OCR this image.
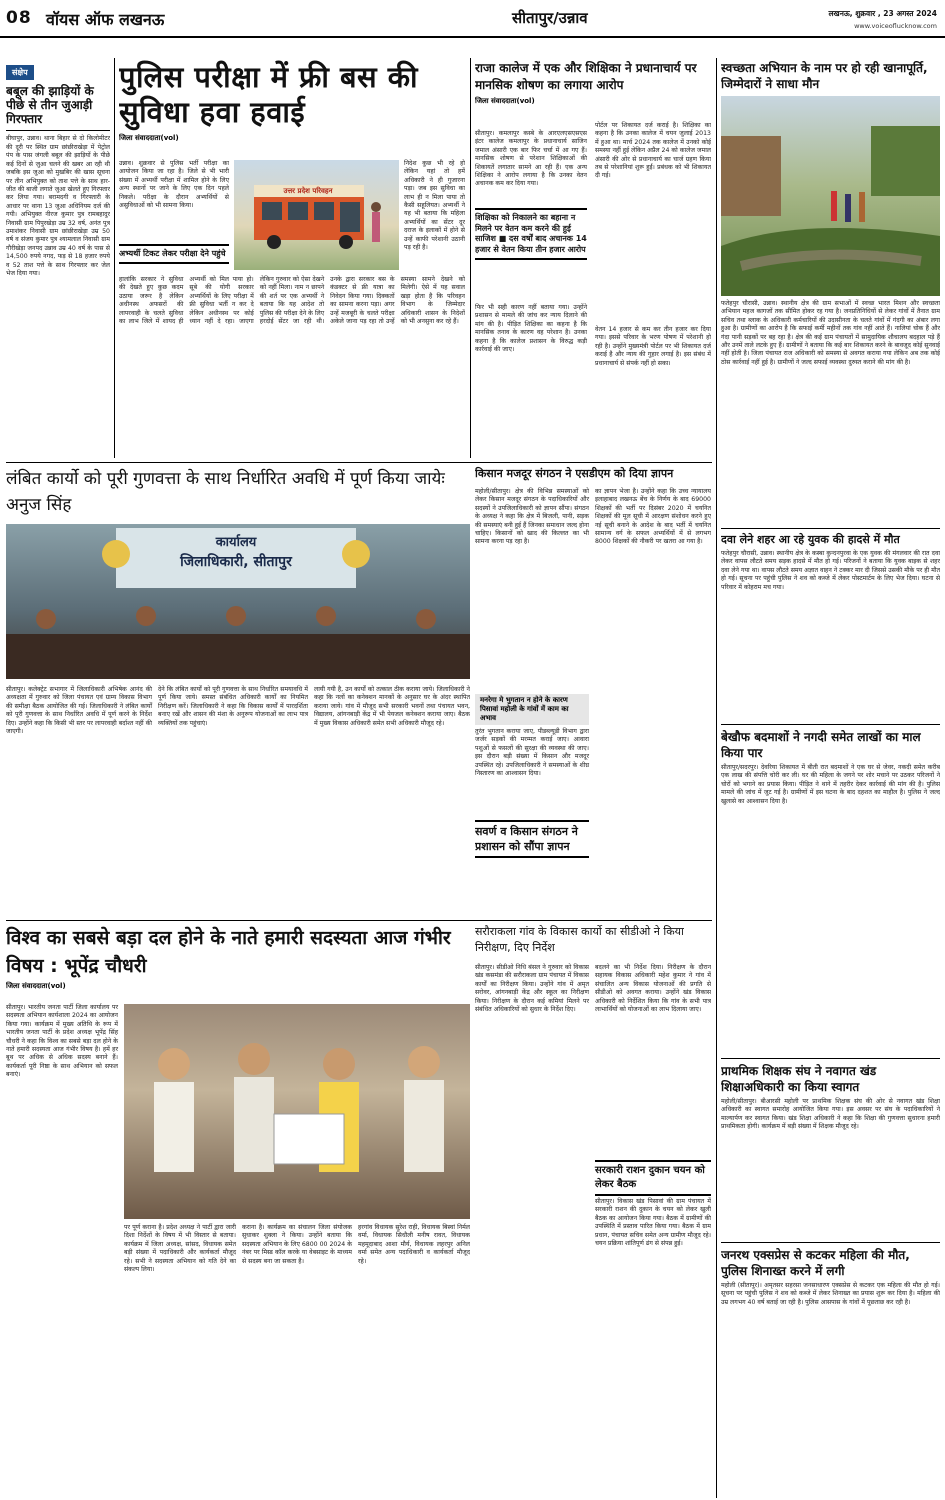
08 वॉयस ऑफ लखनऊ	सीतापुर/उन्नाव	लखनऊ, शुक्रवार , 23 अगस्त 2024
www.voiceoflucknow.com
संक्षेप
बबूल की झाड़ियों के पीछे से तीन जुआड़ी गिरफ्तार
बीघापुर, उन्नाव। थाना बिहार से दो किलोमीटर की दूरी पर स्थित ग्राम छांछीराखेड़ा में पेट्रोल पंप के पास जंगली बबूल की झाड़ियों के पीछे कई दिनों से जुआ चलने की खबर आ रही थी जबकि इस जुआ को मुखबिर की खास सूचना पर तीन अभियुक्त को ताश पत्ते के साथ हार-जीत की बाजी लगाते जुआ खेलते हुए गिरफ्तार कर लिया गया। बरामदगी व गिरफ्तारी के आधार पर थाना 13 जुआ अधिनियम दर्ज की गयी। अभियुक्त नीरज कुमार पुत्र रामबहादुर निवासी ग्राम पिपुरखेड़ा उम्र 32 वर्ष, अनंत पुत्र उमाशंकर निवासी ग्राम छांछीराखेड़ा उम्र 50 वर्ष व संजय कुमार पुत्र श्यामलाल निवासी ग्राम गौरीखेड़ा जनपद उन्नाव उम्र 40 वर्ष के पास से 14,500 रुपये नगद, फड़ से 18 हजार रुपये व 52 ताश पत्ते के साथ गिरफ्तार कर जेल भेज दिया गया।
पुलिस परीक्षा में फ्री बस की सुविधा हवा हवाई
जिला संवाददाता(vol)
उन्नाव। शुक्रवार से पुलिस भर्ती परीक्षा का आयोजन किया जा रहा है। जिले से भी भारी संख्या में अभ्यर्थी परीक्षा में शामिल होने के लिए अन्य स्थानों पर जाने के लिए एक दिन पहले निकले। परीक्षा के दौरान अभ्यर्थियों से असुविधाओं को भी सामना किया।
अभ्यर्थी टिकट लेकर परीक्षा देने पहुंचे
उत्तर प्रदेश परिवहन
निदेश कुछ भी रहे हो लेकिन यहां तो हमें अधिकारी ने ही गुजारना पड़ा। जब इस सुविधा का लाभ ही न मिला पाया तो कैसी सहूलियत। अभ्यर्थी ने यह भी बताया कि महिला अभ्यर्थियों का सेंटर दूर दराज के इलाकों में होने से उन्हें काफी परेशानी उठानी पड़ रही है।
हालांकि सरकार ने सुविधा की देखते हुए कुछ कदम उठाया जरूर है लेकिन अधीनस्थ अफसरों की लापरवाही के चलते सुविधा का लाभ जिले में शायद ही अभ्यर्थी को मिल पाया हो। सूबे की योगी सरकार अभ्यर्थियों के लिए परीक्षा में फ्री सुविधा भर्ती न कर दे लेकिन अधीनस्थ पर कोई ध्यान नहीं दे रहा। जाएगा लेकिन गुरुवार को ऐसा देखने को नहीं मिला। नाम न छापने की शर्त पर एक अभ्यर्थी ने बताया कि यह आदेश तो पुलिस की परीक्षा देने के लिए हरदोई सेंटर जा रही थी। उनके द्वारा सरकार बस के कंडक्टर से फ्री यात्रा का निवेदन किया गया। दिक्कतों का सामना करना पड़ा। अगर उन्हें मजबूरी के चलते परीक्षा अकेले जाना पड़ रहा तो उन्हें समस्या सामने देखने को मिलेगी। ऐसे में यह सवाल खड़ा होता है कि परिवहन विभाग के जिम्मेदार अधिकारी शासन के निदेशों को भी अनसुना कर रहे हैं।
राजा कालेज में एक और शिक्षिका ने प्रधानाचार्य पर मानसिक शोषण का लगाया आरोप
जिला संवाददाता(vol)
सीतापुर। कमलापुर कस्बे के आरएलएसएसएस इंटर कालेज कमलापुर के प्रधानाचार्य साजिन जमाल अंसारी एक बार फिर चर्चा में आ गए हैं। मानसिक शोषण से परेशान शिक्षिकाओं की शिकायतें लगातार सामने आ रही हैं। एक अन्य शिक्षिका ने आरोप लगाया है कि उनका वेतन अचानक कम कर दिया गया।
शिक्षिका को निकालने का बहाना न मिलने पर वेतन कम करने की हुई साजिश ■ दस वर्षों बाद अचानक 14 हजार से वेतन किया तीन हजार आरोप
फिर भी सही कारण नहीं बताया गया। उन्होंने प्रशासन से मामले की जांच कर न्याय दिलाने की मांग की है। पीड़ित शिक्षिका का कहना है कि मानसिक तनाव के कारण वह परेशान है। उनका कहना है कि कालेज प्रशासन के विरुद्ध कड़ी कार्रवाई की जाए।
पोर्टल पर शिकायत दर्ज कराई है। शिक्षिका का कहना है कि उनका कालेज में चयन जुलाई 2013 में हुआ था। मार्च 2024 तक कालेज में उनको कोई समस्या नहीं हुई लेकिन अप्रैल 24 को कालेज जमाल अंसारी की ओर से प्रधानाचार्य का चार्ज ग्रहण किया तब से परेशानियां शुरू हुईं। प्रबंधक को भी शिकायत दी गई।
वेतन 14 हजार से कम कर तीन हजार कर दिया गया। इससे परिवार के भरण पोषण में परेशानी हो रही है। उन्होंने मुख्यमंत्री पोर्टल पर भी शिकायत दर्ज कराई है और न्याय की गुहार लगाई है। इस संबंध में प्रधानाचार्य से संपर्क नहीं हो सका।
स्वच्छता अभियान के नाम पर हो रही खानापूर्ति, जिम्मेदारों ने साधा मौन
फतेहपुर चौरासी, उन्नाव। स्थानीय क्षेत्र की ग्राम सभाओं में स्वच्छ भारत मिशन और स्वच्छता अभियान महज कागजों तक सीमित होकर रह गया है। जनप्रतिनिधियों से लेकर गांवों में तैनात ग्राम सचिव तथा ब्लाक के अधिकारी कर्मचारियों की उदासीनता के चलते गांवों में गंदगी का अंबार लगा हुआ है। ग्रामीणों का आरोप है कि सफाई कर्मी महीनों तक गांव नहीं आते हैं। नालियां चोक हैं और गंदा पानी सड़कों पर बह रहा है। क्षेत्र की कई ग्राम पंचायतों में सामुदायिक शौचालय बदहाल पड़े हैं और उनमें ताले लटके हुए हैं। ग्रामीणों ने बताया कि कई बार शिकायत करने के बावजूद कोई सुनवाई नहीं होती है। जिला पंचायत राज अधिकारी को समस्या से अवगत कराया गया लेकिन अब तक कोई ठोस कार्रवाई नहीं हुई है। ग्रामीणों ने जल्द सफाई व्यवस्था दुरुस्त कराने की मांग की है।
दवा लेने शहर आ रहे युवक की हादसे में मौत
फतेहपुर चौरासी, उन्नाव। स्थानीय क्षेत्र के कस्बा कुन्दनपुरवा के एक युवक की मंगलवार की रात दवा लेकर वापस लौटते समय सड़क हादसे में मौत हो गई। परिजनों ने बताया कि युवक बाइक से शहर दवा लेने गया था। वापस लौटते समय अज्ञात वाहन ने टक्कर मार दी जिससे उसकी मौके पर ही मौत हो गई। सूचना पर पहुंची पुलिस ने शव को कब्जे में लेकर पोस्टमार्टम के लिए भेज दिया। घटना से परिवार में कोहराम मच गया।
बेखौफ बदमाशों ने नगदी समेत लाखों का माल किया पार
सीतापुर/सदरपुर। देवरिया शिकायत में बीती रात बदमाशों ने एक घर से जेवर, नकदी समेत करीब एक लाख की संपत्ति चोरी कर ली। घर की महिला के जगने पर शोर मचाने पर उठकर परिजनों ने चोरों को भगाने का प्रयास किया। पीड़ित ने थाने में तहरीर देकर कार्रवाई की मांग की है। पुलिस मामले की जांच में जुट गई है। ग्रामीणों में इस घटना के बाद दहशत का माहौल है। पुलिस ने जल्द खुलासे का आश्वासन दिया है।
प्राथमिक शिक्षक संघ ने नवागत खंड शिक्षाअधिकारी का किया स्वागत
महोली/सीतापुर। बीआरसी महोली पर प्राथमिक शिक्षक संघ की ओर से नवागत खंड शिक्षा अधिकारी का स्वागत समारोह आयोजित किया गया। इस अवसर पर संघ के पदाधिकारियों ने माल्यार्पण कर स्वागत किया। खंड शिक्षा अधिकारी ने कहा कि शिक्षा की गुणवत्ता सुधारना हमारी प्राथमिकता होगी। कार्यक्रम में बड़ी संख्या में शिक्षक मौजूद रहे।
जनरथ एक्सप्रेस से कटकर महिला की मौत, पुलिस शिनाख्त करने में लगी
महोली (सीतापुर)। अमृतसर सहरसा जनसाधारण एक्सप्रेस से कटकर एक महिला की मौत हो गई। सूचना पर पहुंची पुलिस ने शव को कब्जे में लेकर शिनाख्त का प्रयास शुरू कर दिया है। महिला की उम्र लगभग 40 वर्ष बताई जा रही है। पुलिस आसपास के गांवों में पूछताछ कर रही है।
लंबित कार्यो को पूरी गुणवत्ता के साथ निर्धारित अवधि में पूर्ण किया जायेः अनुज सिंह
कार्यालय
जिलाधिकारी, सीतापुर
सीतापुर। कलेक्ट्रेट सभागार में जिलाधिकारी अभिषेक आनंद की अध्यक्षता में गुरुवार को जिला पंचायत एवं ग्राम्य विकास विभाग की समीक्षा बैठक आयोजित की गई। जिलाधिकारी ने लंबित कार्यों को पूरी गुणवत्ता के साथ निर्धारित अवधि में पूर्ण करने के निर्देश दिए। उन्होंने कहा कि किसी भी स्तर पर लापरवाही बर्दाश्त नहीं की जाएगी।
देने कि लंबित कार्यों को पूरी गुणवत्ता के साथ निर्धारित समयावधि में पूर्ण किया जाये। समस्त संबंधित अधिकारी कार्यों का नियमित निरीक्षण करें। जिलाधिकारी ने कहा कि विकास कार्यों में पारदर्शिता बनाए रखें और शासन की मंशा के अनुरूप योजनाओं का लाभ पात्र व्यक्तियों तक पहुंचाएं।
लायी गयी है, उन कार्यों को तत्काल ठीक कराया जाये। जिलाधिकारी ने कहा कि नलों का कनेक्शन मानकों के अनुसार घर के अंदर स्थापित कराया जाये। गांव में मौजूद सभी सरकारी भवनों तथा पंचायत भवन, विद्यालय, आंगनबाड़ी केंद्र में भी पेयजल कनेक्शन कराया जाए। बैठक में मुख्य विकास अधिकारी समेत सभी अधिकारी मौजूद रहे।
किसान मजदूर संगठन ने एसडीएम को दिया ज्ञापन
महोली/सीतापुर। क्षेत्र की विभिन्न समस्याओं को लेकर किसान मजदूर संगठन के पदाधिकारियों और सदस्यों ने उपजिलाधिकारी को ज्ञापन सौंपा। संगठन के अध्यक्ष ने कहा कि क्षेत्र में बिजली, पानी, सड़क की समस्याएं बनी हुई हैं जिनका समाधान जल्द होना चाहिए। किसानों को खाद की किल्लत का भी सामना करना पड़ रहा है।
मनरेगा मे भुगतान न होने के कारण पिसावां महोली के गांवों में काम का अभाव
तुरंत भुगतान कराया जाए, पीडब्ल्यूडी विभाग द्वारा जर्जर सड़कों की मरम्मत कराई जाए। आवारा पशुओं से फसलों की सुरक्षा की व्यवस्था की जाए। इस दौरान बड़ी संख्या में किसान और मजदूर उपस्थित रहे। उपजिलाधिकारी ने समस्याओं के शीघ्र निस्तारण का आश्वासन दिया।
सवर्ण व किसान संगठन ने प्रशासन को सौंपा ज्ञापन
का ज्ञापन भेजा है। उन्होंने कहा कि उच्च न्यायालय इलाहाबाद लखनऊ बेंच के निर्णय के बाद 69000 शिक्षकों की भर्ती पर दिसंबर 2020 में चयनित शिक्षकों की मूल सूची में आरक्षण संशोधन करने हुए नई सूची बनाने के आदेश के बाद भर्ती में चयनित सामान्य वर्ग के सफल अभ्यर्थियों में से लगभग 8000 शिक्षकों की नौकरी पर खतरा आ गया है।
विश्व का सबसे बड़ा दल होने के नाते हमारी सदस्यता आज गंभीर विषय : भूपेंद्र चौधरी
जिला संवाददाता(vol)
सीतापुर। भारतीय जनता पार्टी जिला कार्यालय पर सदस्यता अभियान कार्यशाला 2024 का आयोजन किया गया। कार्यक्रम में मुख्य अतिथि के रूप में भारतीय जनता पार्टी के प्रदेश अध्यक्ष भूपेंद्र सिंह चौधरी ने कहा कि विश्व का सबसे बड़ा दल होने के नाते हमारी सदस्यता आज गंभीर विषय है। हमें हर बूथ पर अधिक से अधिक सदस्य बनाने हैं। कार्यकर्ता पूरी निष्ठा के साथ अभियान को सफल बनाएं।
पर पूर्ण कराना है। प्रदेश अध्यक्ष ने पार्टी द्वारा जारी दिशा निर्देशों के विषय में भी विस्तार से बताया। कार्यक्रम में जिला अध्यक्ष, सांसद, विधायक समेत बड़ी संख्या में पदाधिकारी और कार्यकर्ता मौजूद रहे। सभी ने सदस्यता अभियान को गति देने का संकल्प लिया।
कराना है। कार्यक्रम का संचालन जिला संयोजक सुधाकर शुक्ला ने किया। उन्होंने बताया कि सदस्यता अभियान के लिए 6800 00 2024 के नंबर पर मिस्ड कॉल करके या वेबसाइट के माध्यम से सदस्य बना जा सकता है।
हरगांव विधायक सुरेश राही, विधायक बिस्वां निर्मल वर्मा, विधायक सिधौली मनीष रावत, विधायक महमूदाबाद आशा मौर्य, विधायक लहरपुर अनिल वर्मा समेत अन्य पदाधिकारी व कार्यकर्ता मौजूद रहे।
सरौराकला गांव के विकास कार्यो का सीडीओ ने किया निरीक्षण, दिए निर्देश
सीतापुर। सीडीओ निधि बंसल ने गुरुवार को विकास खंड कसमंडा की सरौराकला ग्राम पंचायत में विकास कार्यों का निरीक्षण किया। उन्होंने गांव में अमृत सरोवर, आंगनबाड़ी केंद्र और स्कूल का निरीक्षण किया। निरीक्षण के दौरान कई कमियां मिलने पर संबंधित अधिकारियों को सुधार के निर्देश दिए।
बदलने का भी निर्देश दिया। निरीक्षण के दौरान सहायक विकास अधिकारी महेश कुमार ने गांव में संचालित अन्य विकास योजनाओं की प्रगति से सीडीओ को अवगत कराया। उन्होंने खंड विकास अधिकारी को निर्देशित किया कि गांव के सभी पात्र लाभार्थियों को योजनाओं का लाभ दिलाया जाए।
सरकारी राशन दुकान चयन को लेकर बैठक
सीतापुर। विकास खंड पिसावां की ग्राम पंचायत में सरकारी राशन की दुकान के चयन को लेकर खुली बैठक का आयोजन किया गया। बैठक में ग्रामीणों की उपस्थिति में प्रस्ताव पारित किया गया। बैठक में ग्राम प्रधान, पंचायत सचिव समेत अन्य ग्रामीण मौजूद रहे। चयन प्रक्रिया शांतिपूर्ण ढंग से संपन्न हुई।
